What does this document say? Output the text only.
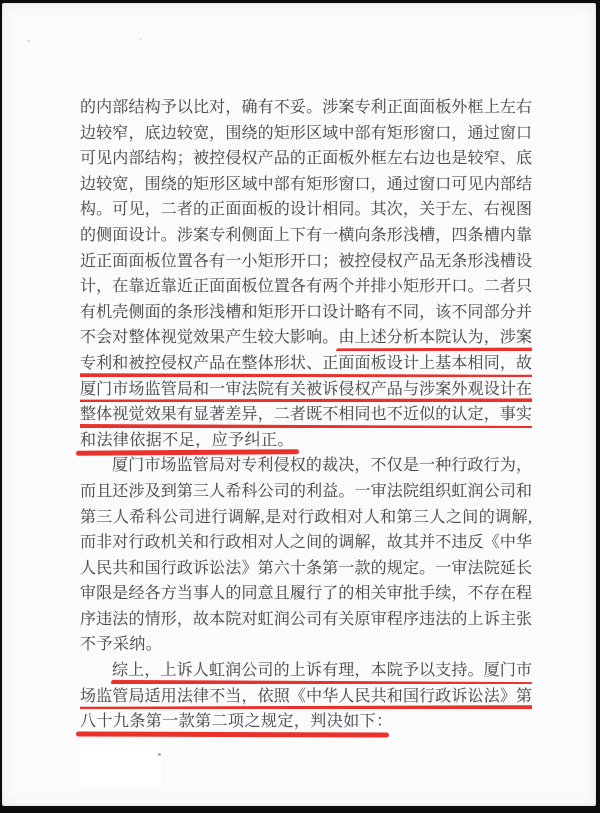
的内部结构予以比对，确有不妥。涉案专利正面面板外框上左右
边较窄，底边较宽，围绕的矩形区域中部有矩形窗口，通过窗口
可见内部结构；被控侵权产品的正面板外框左右边也是较窄、底
边较宽，围绕的矩形区域中部有矩形窗口，通过窗口可见内部结
构。可见，二者的正面面板的设计相同。其次，关于左、右视图
的侧面设计。涉案专利侧面上下有一横向条形浅槽，四条槽内靠
近正面面板位置各有一小矩形开口；被控侵权产品无条形浅槽设
计，在靠近靠近正面面板位置各有两个并排小矩形开口。二者只
有机壳侧面的条形浅槽和矩形开口设计略有不同，该不同部分并
不会对整体视觉效果产生较大影响。由上述分析本院认为，涉案
专利和被控侵权产品在整体形状、正面面板设计上基本相同，故
厦门市场监管局和一审法院有关被诉侵权产品与涉案外观设计在
整体视觉效果有显著差异，二者既不相同也不近似的认定，事实
和法律依据不足，应予纠正。
厦门市场监管局对专利侵权的裁决，不仅是一种行政行为，
而且还涉及到第三人希科公司的利益。一审法院组织虹润公司和
第三人希科公司进行调解,是对行政相对人和第三人之间的调解,
而非对行政机关和行政相对人之间的调解，故其并不违反《中华
人民共和国行政诉讼法》第六十条第一款的规定。一审法院延长
审限是经各方当事人的同意且履行了的相关审批手续，不存在程
序违法的情形，故本院对虹润公司有关原审程序违法的上诉主张
不予采纳。
综上，上诉人虹润公司的上诉有理，本院予以支持。厦门市
场监管局适用法律不当，依照《中华人民共和国行政诉讼法》第
八十九条第一款第二项之规定，判决如下：
